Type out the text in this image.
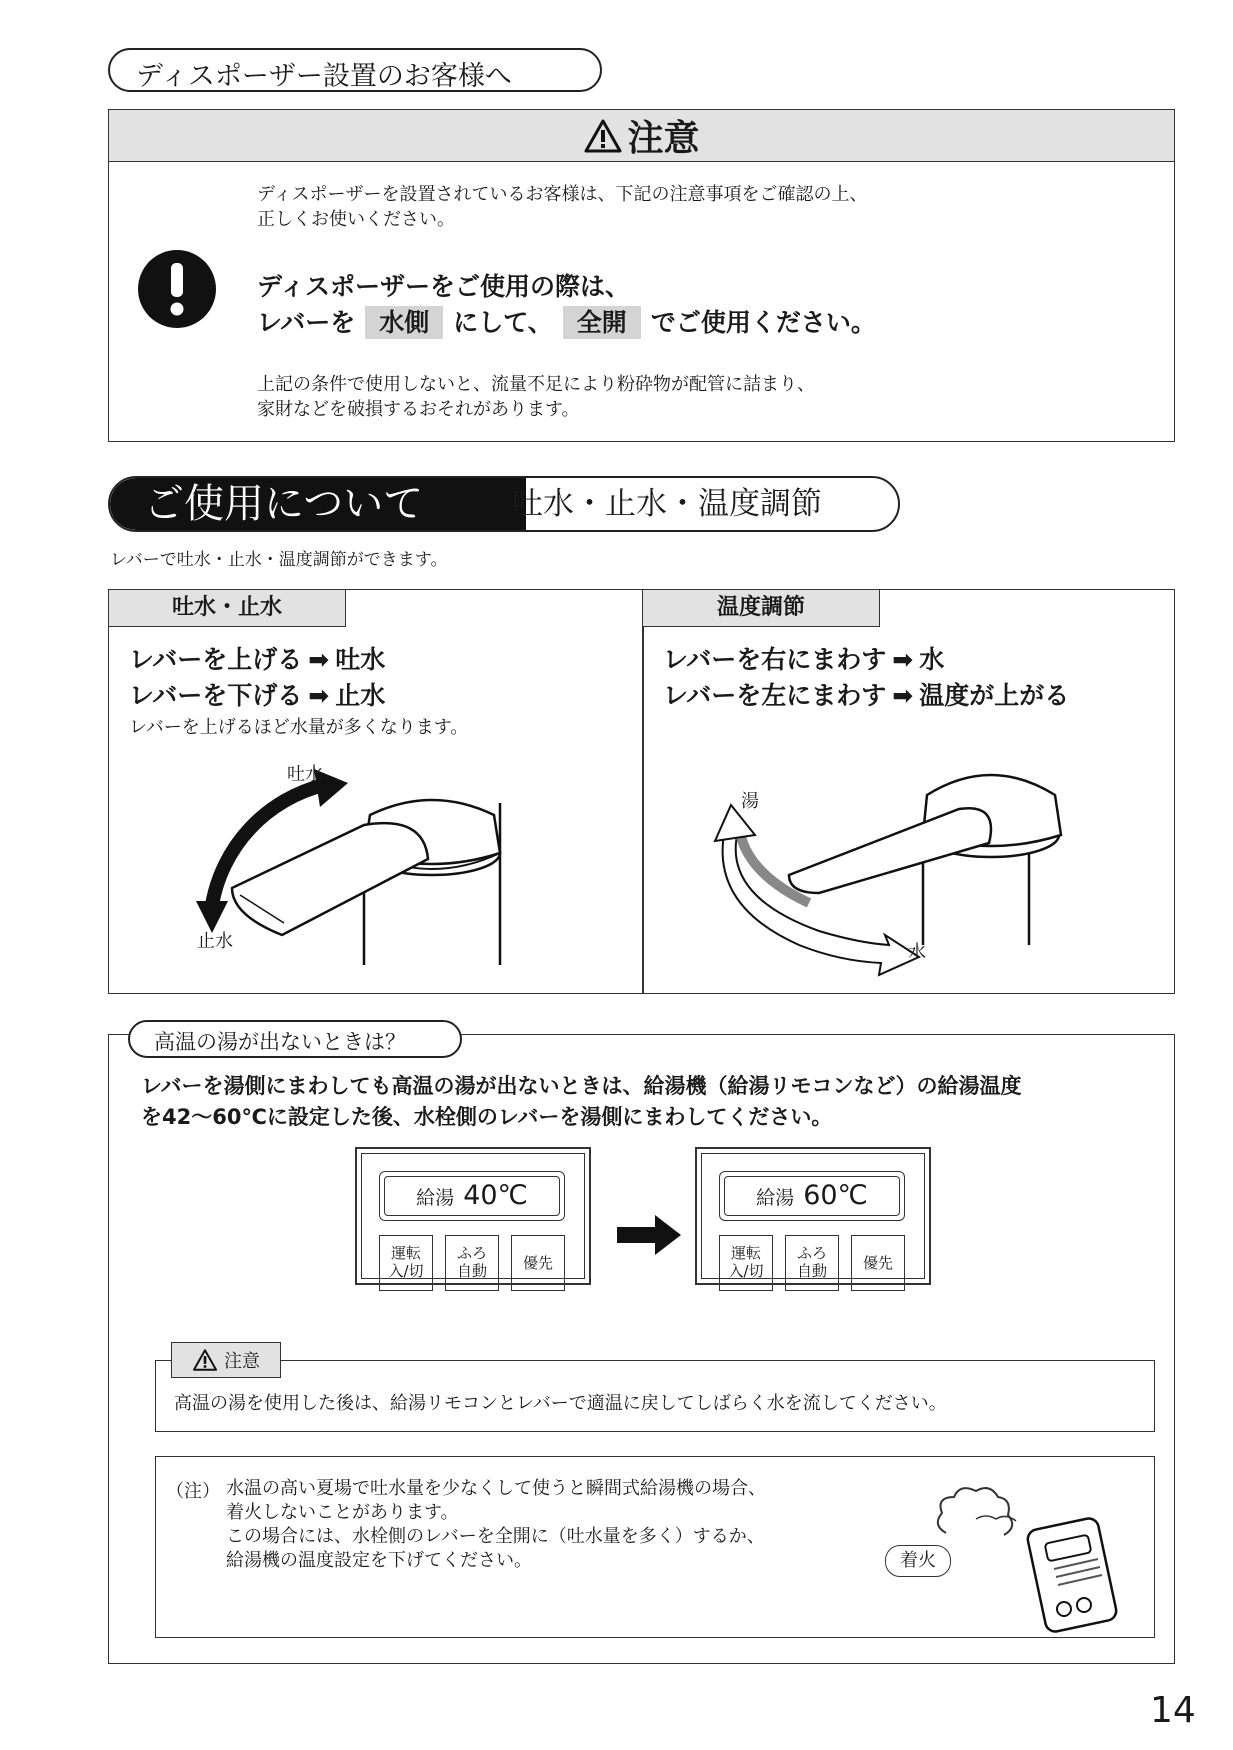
ディスポーザー設置のお客様へ
注意
ディスポーザーを設置されているお客様は、下記の注意事項をご確認の上、
正しくお使いください。
ディスポーザーをご使用の際は、
レバーを 水側 にして、 全開 でご使用ください。
上記の条件で使用しないと、流量不足により粉砕物が配管に詰まり、
家財などを破損するおそれがあります。
ご使用について	吐水・止水・温度調節
レバーで吐水・止水・温度調節ができます。
吐水・止水
レバーを上げる ➡ 吐水
レバーを下げる ➡ 止水
レバーを上げるほど水量が多くなります。
吐水
止水
温度調節
レバーを右にまわす ➡ 水
レバーを左にまわす ➡ 温度が上がる
湯
水
レバーを湯側にまわしても高温の湯が出ないときは、給湯機（給湯リモコンなど）の給湯温度
を42〜60℃に設定した後、水栓側のレバーを湯側にまわしてください。
給湯 40℃
運転
入/切
ふろ
自動	優先
給湯 60℃
運転
入/切
ふろ
自動	優先
高温の湯を使用した後は、給湯リモコンとレバーで適温に戻してしばらく水を流してください。
注意
（注） 水温の高い夏場で吐水量を少なくして使うと瞬間式給湯機の場合、
着火しないことがあります。
この場合には、水栓側のレバーを全開に（吐水量を多く）するか、
給湯機の温度設定を下げてください。	着火
高温の湯が出ないときは？
14
